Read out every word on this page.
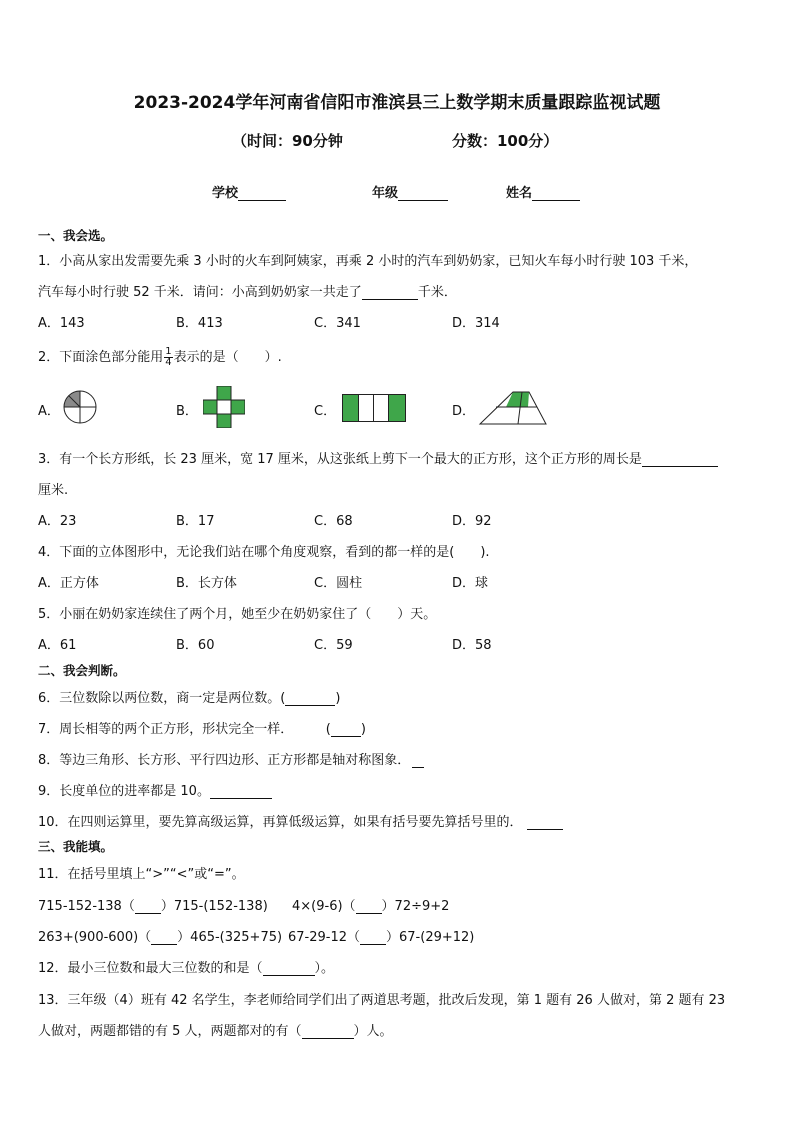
2023-2024学年河南省信阳市淮滨县三上数学期末质量跟踪监视试题
（时间：90分钟	分数：100分）
学校	年级	姓名
一、我会选。
1．小高从家出发需要先乘 3 小时的火车到阿姨家，再乘 2 小时的汽车到奶奶家，已知火车每小时行驶 103 千米，
汽车每小时行驶 52 千米．请问：小高到奶奶家一共走了	千米．
A．143	B．413	C．341	D．314
2．下面涂色部分能用 $\frac{1}{4}$ 表示的是（　　）.
A．	B．	C．	D．
3．有一个长方形纸，长 23 厘米，宽 17 厘米，从这张纸上剪下一个最大的正方形，这个正方形的周长是
厘米.
A．23	B．17	C．68	D．92
4．下面的立体图形中，无论我们站在哪个角度观察，看到的都一样的是(　　).
A．正方体	B．长方体	C．圆柱	D．球
5．小丽在奶奶家连续住了两个月，她至少在奶奶家住了（　　）天。
A．61	B．60	C．59	D．58
二、我会判断。
6．三位数除以两位数，商一定是两位数。(	)
7．周长相等的两个正方形，形状完全一样．　　　( )
8．等边三角形、长方形、平行四边形、正方形都是轴对称图象．
9．长度单位的进率都是 10。
10．在四则运算里，要先算高级运算，再算低级运算，如果有括号要先算括号里的．
三、我能填。
11．在括号里填上“>”“<”或“=”。
715-152-138（ ）715-(152-138) 4×(9-6)（ ）72÷9+2
263+(900-600)（ ）465-(325+75) 67-29-12（ ）67-(29+12)
12．最小三位数和最大三位数的和是（	）。
13．三年级（4）班有 42 名学生，李老师给同学们出了两道思考题，批改后发现，第 1 题有 26 人做对，第 2 题有 23
人做对，两题都错的有 5 人，两题都对的有（	）人。
